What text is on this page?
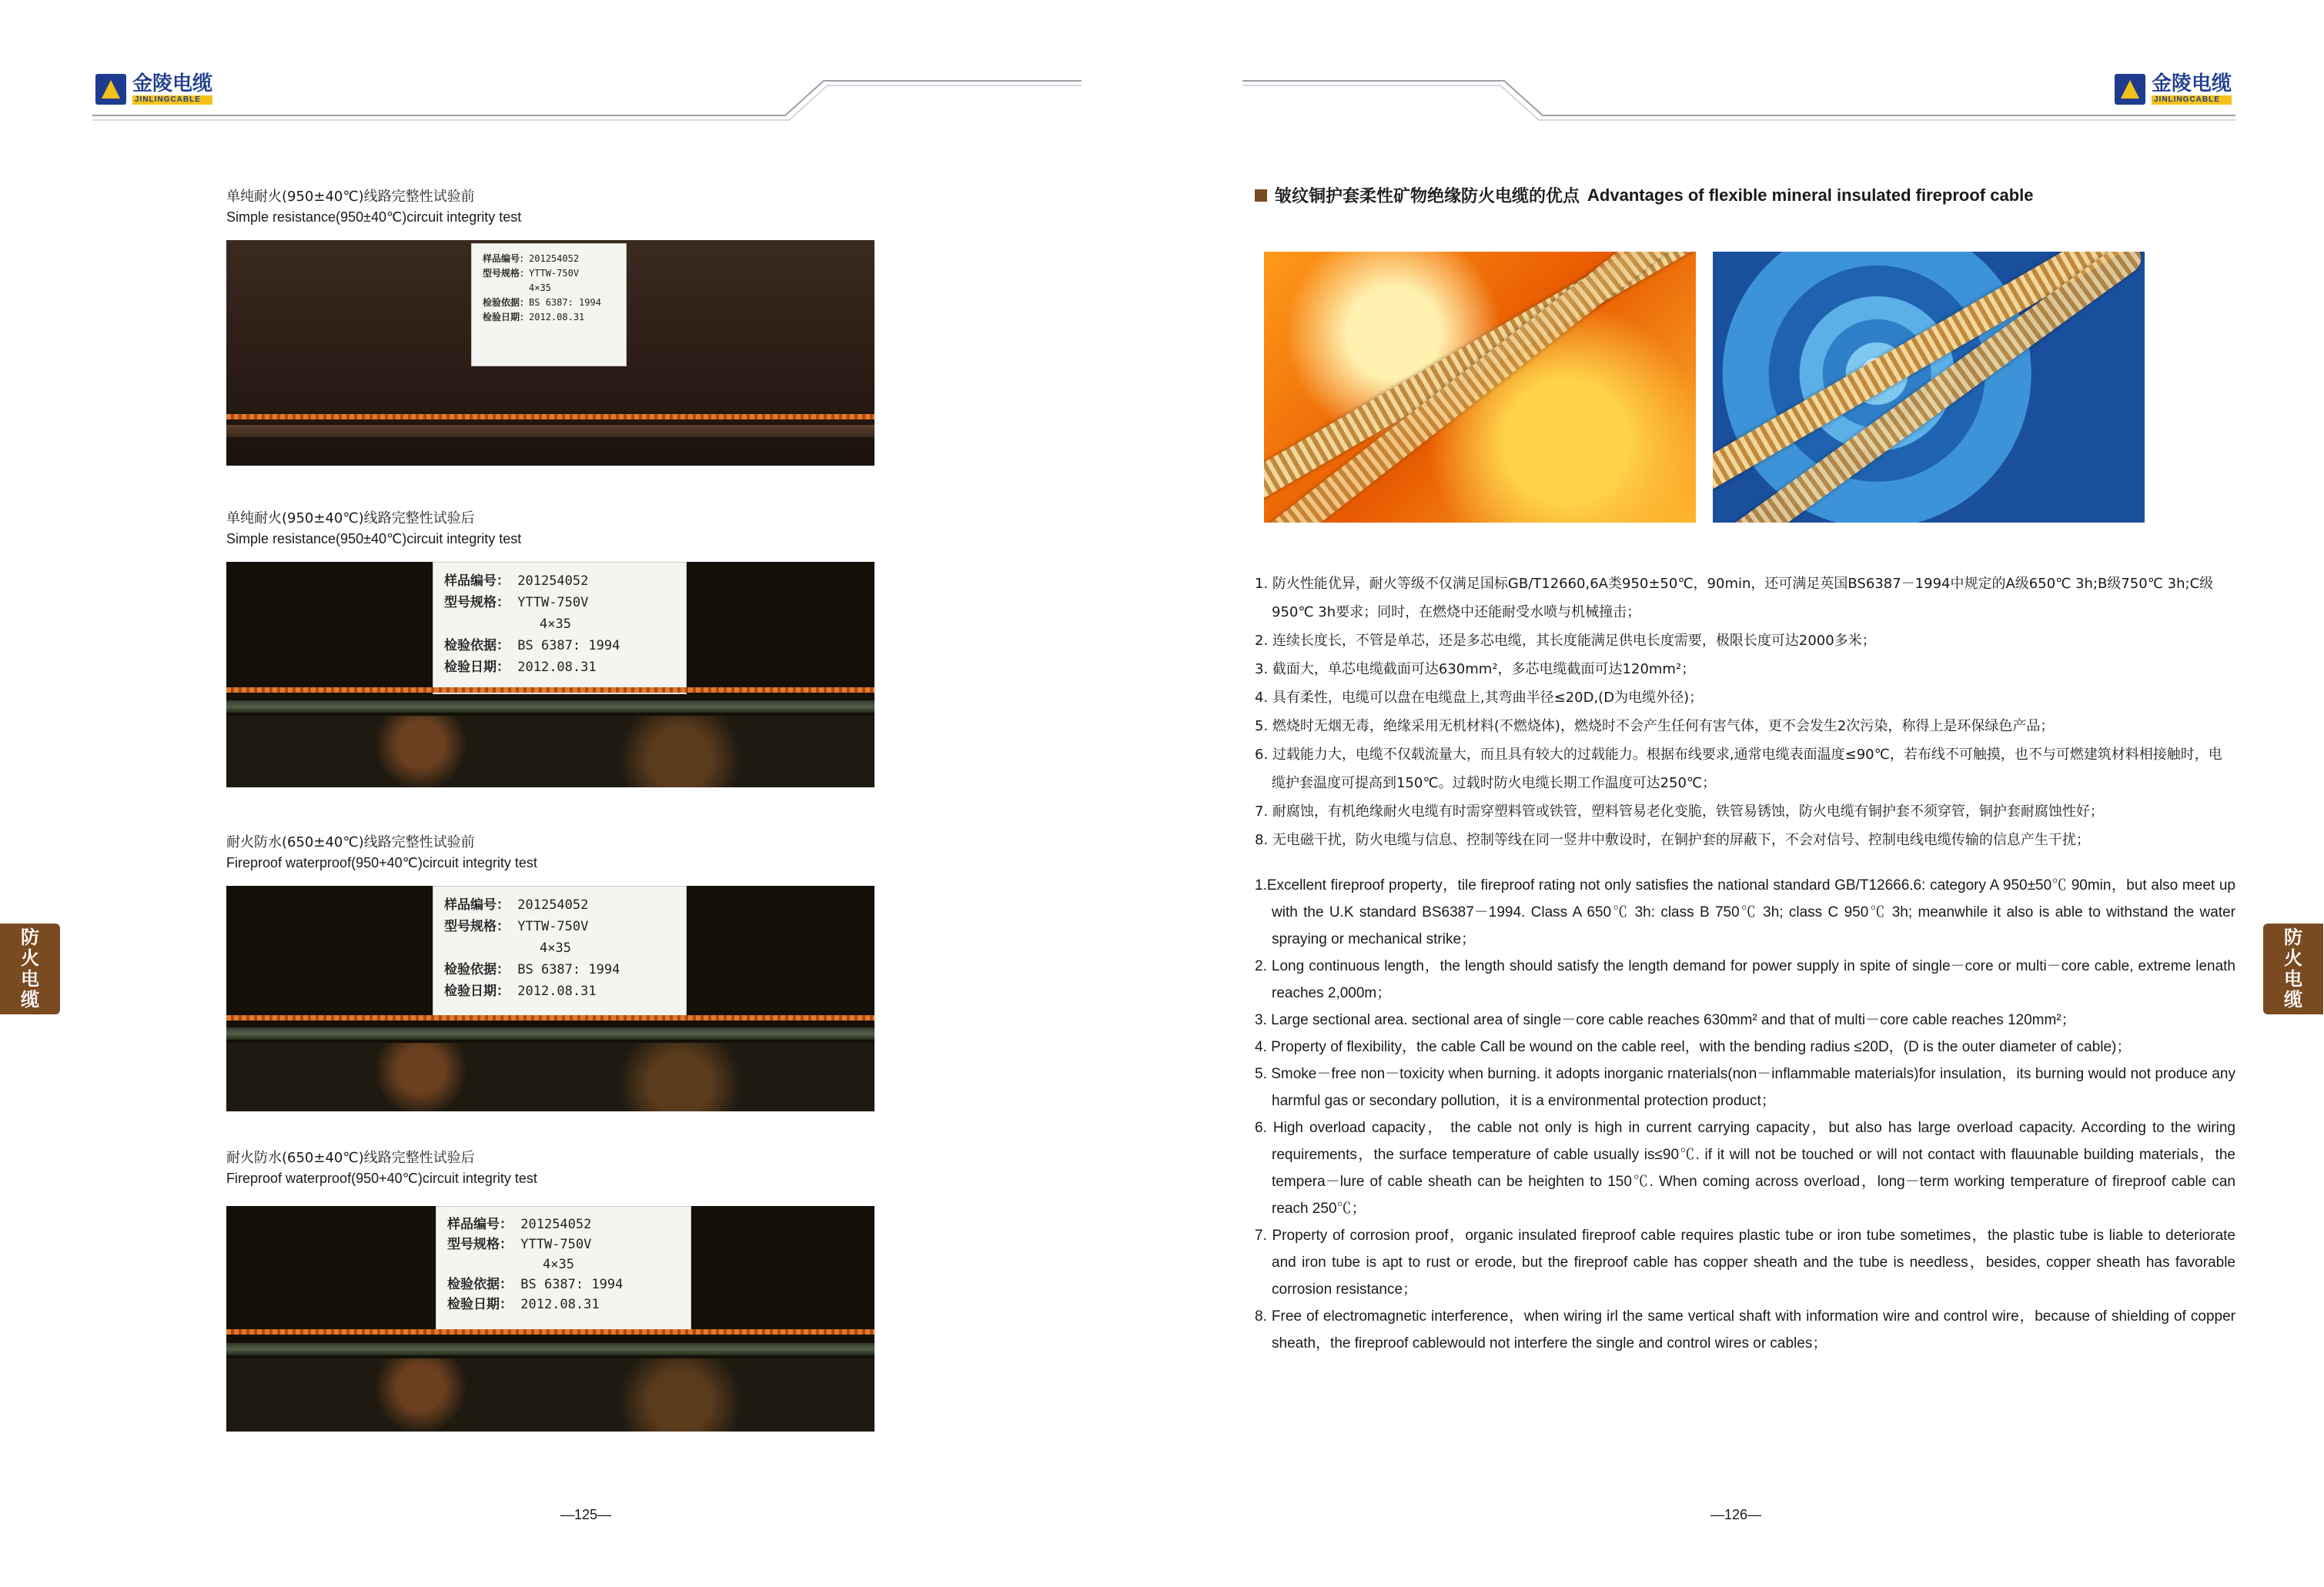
金陵电缆
JINLINGCABLE
单纯耐火(950±40℃)线路完整性试验前
Simple resistance(950±40℃)circuit integrity test
样品编号：201254052
型号规格：YTTW-750V
4×35
检验依据：BS 6387: 1994
检验日期：2012.08.31
单纯耐火(950±40℃)线路完整性试验后
Simple resistance(950±40℃)circuit integrity test
样品编号： 201254052
型号规格： YTTW-750V
4×35
检验依据： BS 6387: 1994
检验日期： 2012.08.31
耐火防水(650±40℃)线路完整性试验前
Fireproof waterproof(950+40℃)circuit integrity test
样品编号： 201254052
型号规格： YTTW-750V
4×35
检验依据： BS 6387: 1994
检验日期： 2012.08.31
耐火防水(650±40℃)线路完整性试验后
Fireproof waterproof(950+40℃)circuit integrity test
样品编号： 201254052
型号规格： YTTW-750V
4×35
检验依据： BS 6387: 1994
检验日期： 2012.08.31
防
火
电
缆
—125—
金陵电缆
JINLINGCABLE
皱纹铜护套柔性矿物绝缘防火电缆的优点 Advantages of flexible mineral insulated fireproof cable

1. 防火性能优异，耐火等级不仅满足国标GB/T12660,6A类950±50℃，90min，还可满足英国BS6387－1994中规定的A级650℃ 3h;B级750℃ 3h;C级950℃ 3h要求；同时，在燃烧中还能耐受水喷与机械撞击；

2. 连续长度长，不管是单芯，还是多芯电缆，其长度能满足供电长度需要，极限长度可达2000多米；

3. 截面大，单芯电缆截面可达630mm²，多芯电缆截面可达120mm²；

4. 具有柔性，电缆可以盘在电缆盘上,其弯曲半径≤20D,(D为电缆外径)；

5. 燃烧时无烟无毒，绝缘采用无机材料(不燃烧体)，燃烧时不会产生任何有害气体，更不会发生2次污染，称得上是环保绿色产品；

6. 过载能力大，电缆不仅载流量大，而且具有较大的过载能力。根据布线要求,通常电缆表面温度≤90℃，若布线不可触摸，也不与可燃建筑材料相接触时，电缆护套温度可提高到150℃。过载时防火电缆长期工作温度可达250℃；

7. 耐腐蚀，有机绝缘耐火电缆有时需穿塑料管或铁管，塑料管易老化变脆，铁管易锈蚀，防火电缆有铜护套不须穿管，铜护套耐腐蚀性好；

8. 无电磁干扰，防火电缆与信息、控制等线在同一竖井中敷设时，在铜护套的屏蔽下，不会对信号、控制电线电缆传输的信息产生干扰；

1.Excellent fireproof property，tile fireproof rating not only satisfies the national standard GB/T12666.6: category A 950±50℃ 90min，but also meet up with the U.K standard BS6387－1994. Class A 650℃ 3h: class B 750℃ 3h; class C 950℃ 3h; meanwhile it also is able to withstand the water spraying or mechanical strike；

2. Long continuous length，the length should satisfy the length demand for power supply in spite of single－core or multi－core cable, extreme lenath reaches 2,000m；

3. Large sectional area. sectional area of single－core cable reaches 630mm² and that of multi－core cable reaches 120mm²；

4. Property of flexibility，the cable Call be wound on the cable reel，with the bending radius ≤20D，(D is the outer diameter of cable)；

5. Smoke－free non－toxicity when burning. it adopts inorganic rnaterials(non－inflammable materials)for insulation，its burning would not produce any harmful gas or secondary pollution，it is a environmental protection product；

6. High overload capacity， the cable not only is high in current carrying capacity，but also has large overload capacity. According to the wiring requirements，the surface temperature of cable usually is≤90℃. if it will not be touched or will not contact with flauunable building materials，the tempera－lure of cable sheath can be heighten to 150℃. When coming across overload，long－term working temperature of fireproof cable can reach 250℃；

7. Property of corrosion proof，organic insulated fireproof cable requires plastic tube or iron tube sometimes，the plastic tube is liable to deteriorate and iron tube is apt to rust or erode, but the fireproof cable has copper sheath and the tube is needless，besides, copper sheath has favorable corrosion resistance；

8. Free of electromagnetic interference，when wiring irl the same vertical shaft with information wire and control wire，because of shielding of copper sheath，the fireproof cablewould not interfere the single and control wires or cables；

防
火
电
缆
—126—
